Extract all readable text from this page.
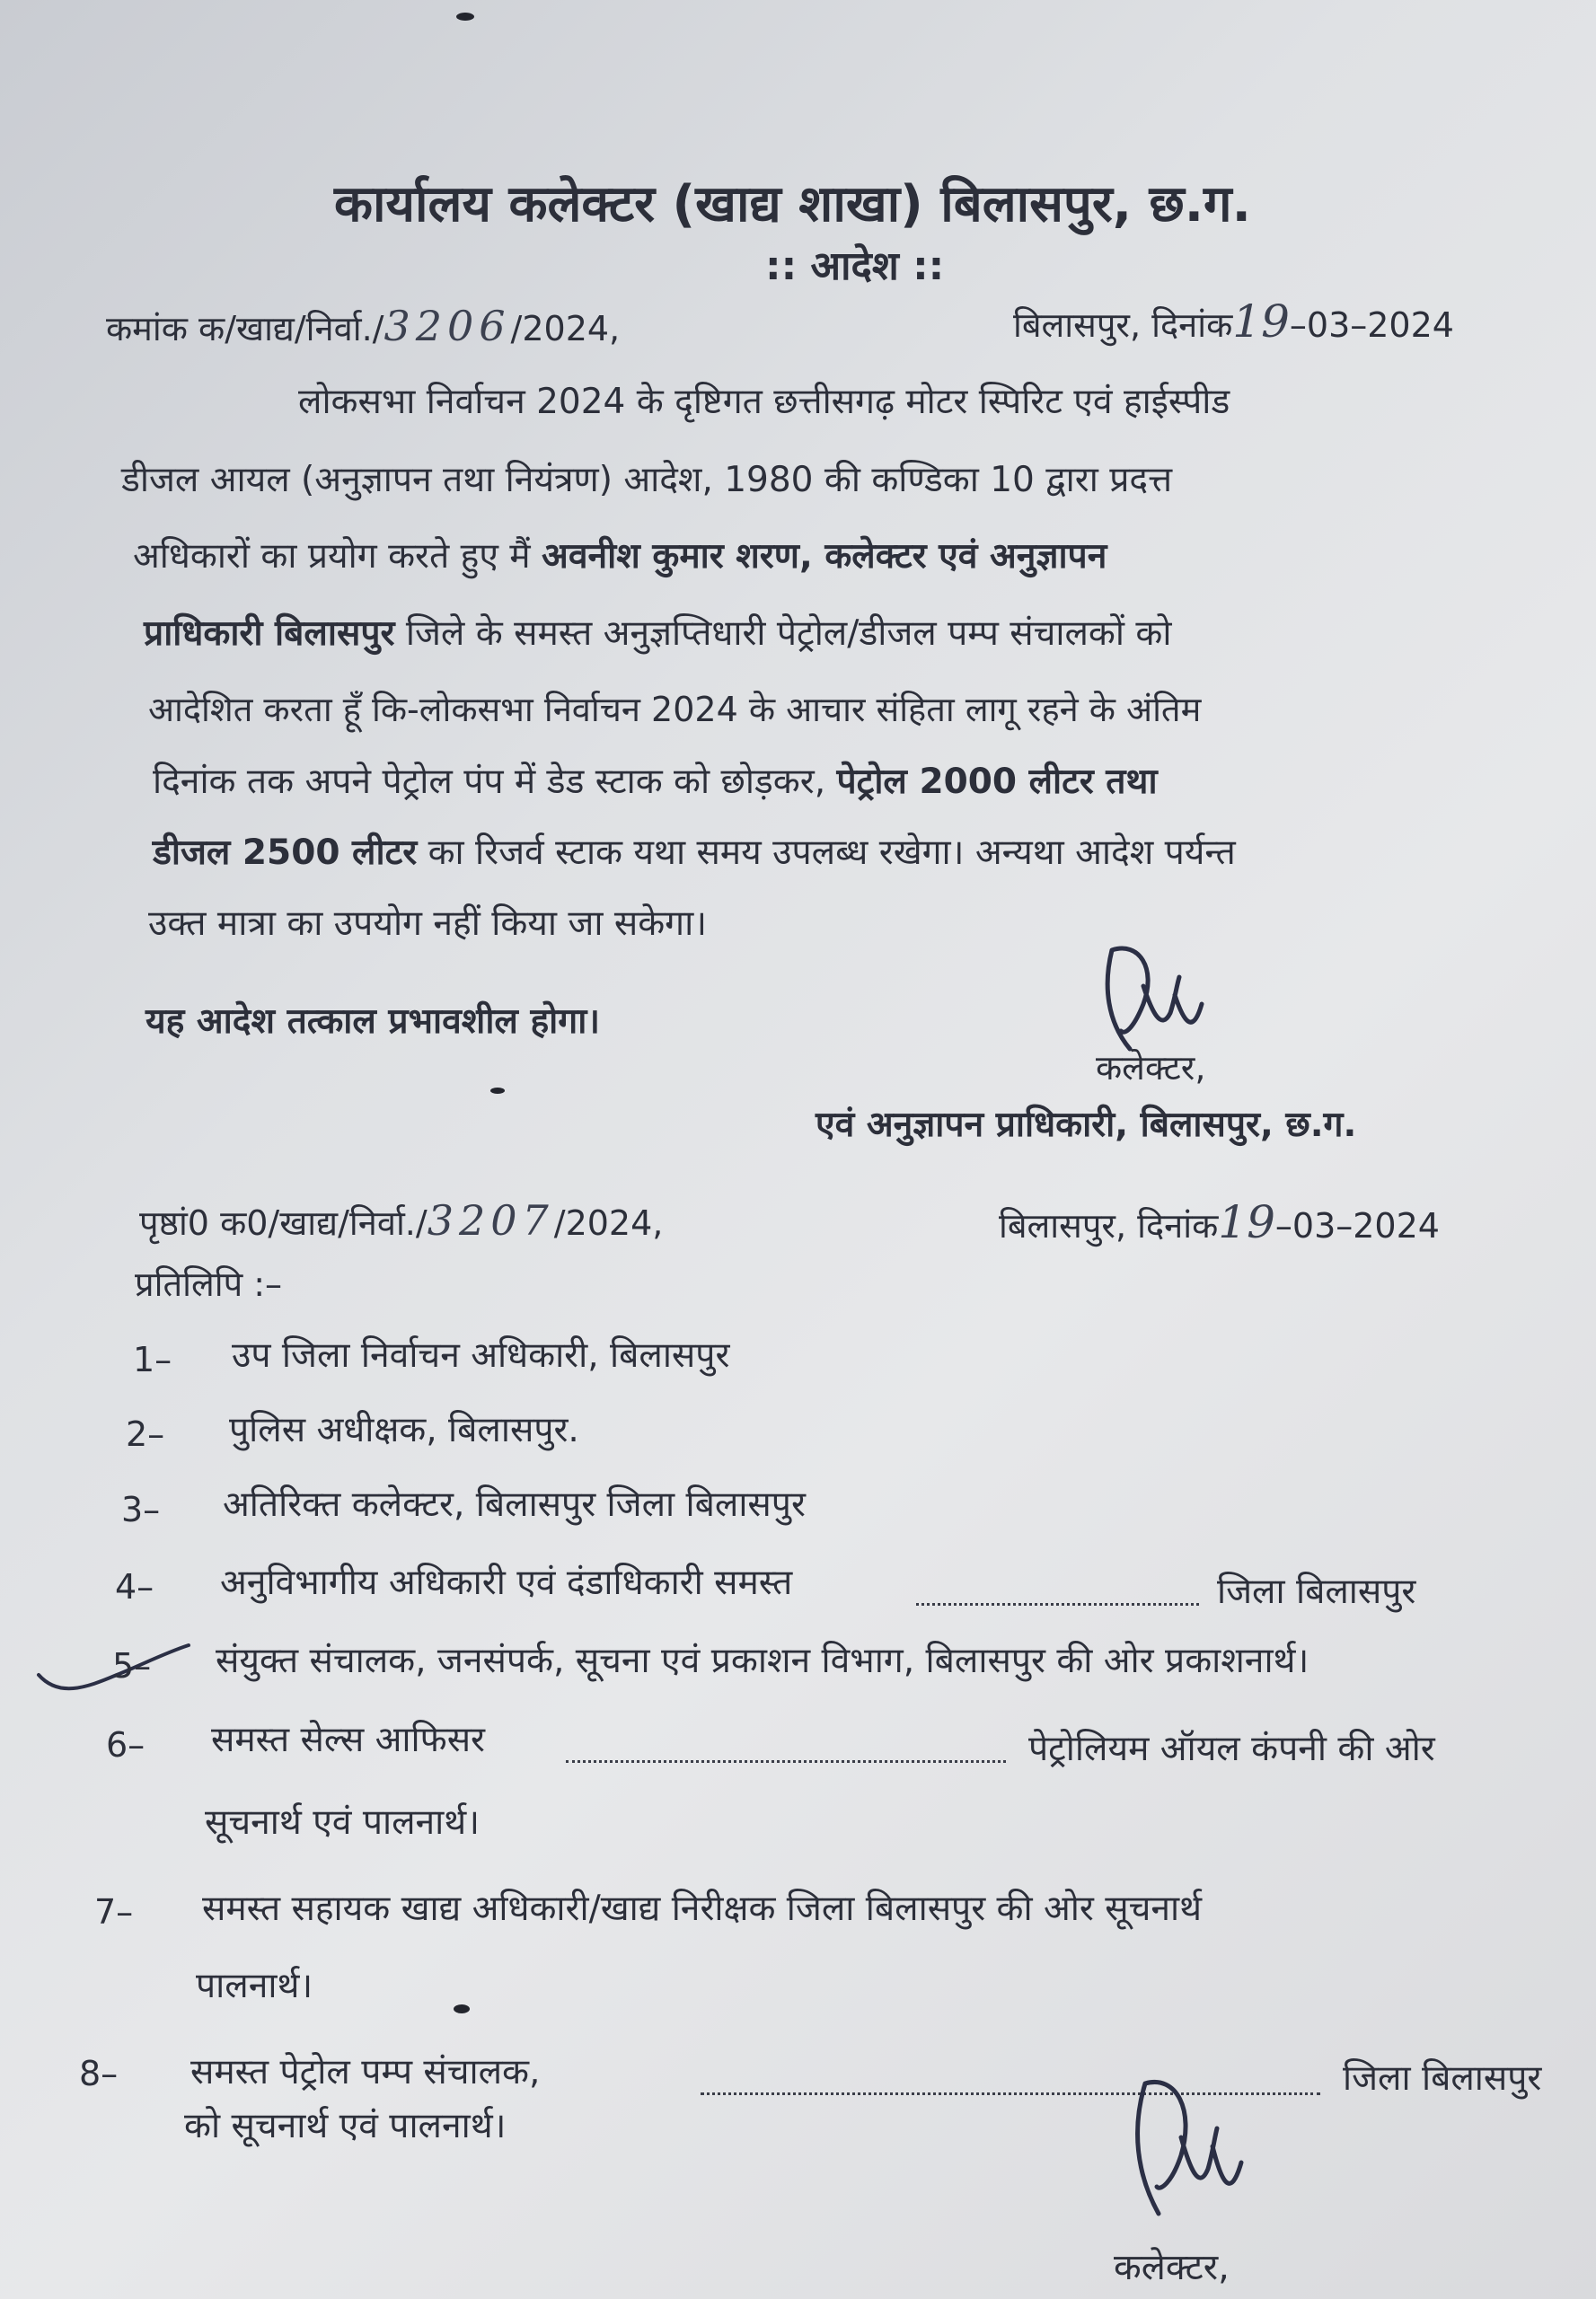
कार्यालय कलेक्टर (खाद्य शाखा) बिलासपुर, छ.ग.
:: आदेश ::
कमांक क/खाद्य/निर्वा./3206/2024,	बिलासपुर, दिनांक19–03–2024
लोकसभा निर्वाचन 2024 के दृष्टिगत छत्तीसगढ़ मोटर स्पिरिट एवं हाईस्पीड
डीजल आयल (अनुज्ञापन तथा नियंत्रण) आदेश, 1980 की कण्डिका 10 द्वारा प्रदत्त
अधिकारों का प्रयोग करते हुए मैं अवनीश कुमार शरण, कलेक्टर एवं अनुज्ञापन
प्राधिकारी बिलासपुर जिले के समस्त अनुज्ञप्तिधारी पेट्रोल/डीजल पम्प संचालकों को
आदेशित करता हूँ कि-लोकसभा निर्वाचन 2024 के आचार संहिता लागू रहने के अंतिम
दिनांक तक अपने पेट्रोल पंप में डेड स्टाक को छोड़कर, पेट्रोल 2000 लीटर तथा
डीजल 2500 लीटर का रिजर्व स्टाक यथा समय उपलब्ध रखेगा। अन्यथा आदेश पर्यन्त
उक्त मात्रा का उपयोग नहीं किया जा सकेगा।
यह आदेश तत्काल प्रभावशील होगा।
कलेक्टर,
एवं अनुज्ञापन प्राधिकारी, बिलासपुर, छ.ग.
पृष्ठां0 क0/खाद्य/निर्वा./3207/2024,	बिलासपुर, दिनांक19–03–2024
प्रतिलिपि :–
1– उप जिला निर्वाचन अधिकारी, बिलासपुर
2– पुलिस अधीक्षक, बिलासपुर.
3– अतिरिक्त कलेक्टर, बिलासपुर जिला बिलासपुर
4– अनुविभागीय अधिकारी एवं दंडाधिकारी समस्त	जिला बिलासपुर
5– संयुक्त संचालक, जनसंपर्क, सूचना एवं प्रकाशन विभाग, बिलासपुर की ओर प्रकाशनार्थ।
6– समस्त सेल्स आफिसर	पेट्रोलियम ऑयल कंपनी की ओर
सूचनार्थ एवं पालनार्थ।
7– समस्त सहायक खाद्य अधिकारी/खाद्य निरीक्षक जिला बिलासपुर की ओर सूचनार्थ
पालनार्थ।
8– समस्त पेट्रोल पम्प संचालक,	जिला बिलासपुर
को सूचनार्थ एवं पालनार्थ।
कलेक्टर,
